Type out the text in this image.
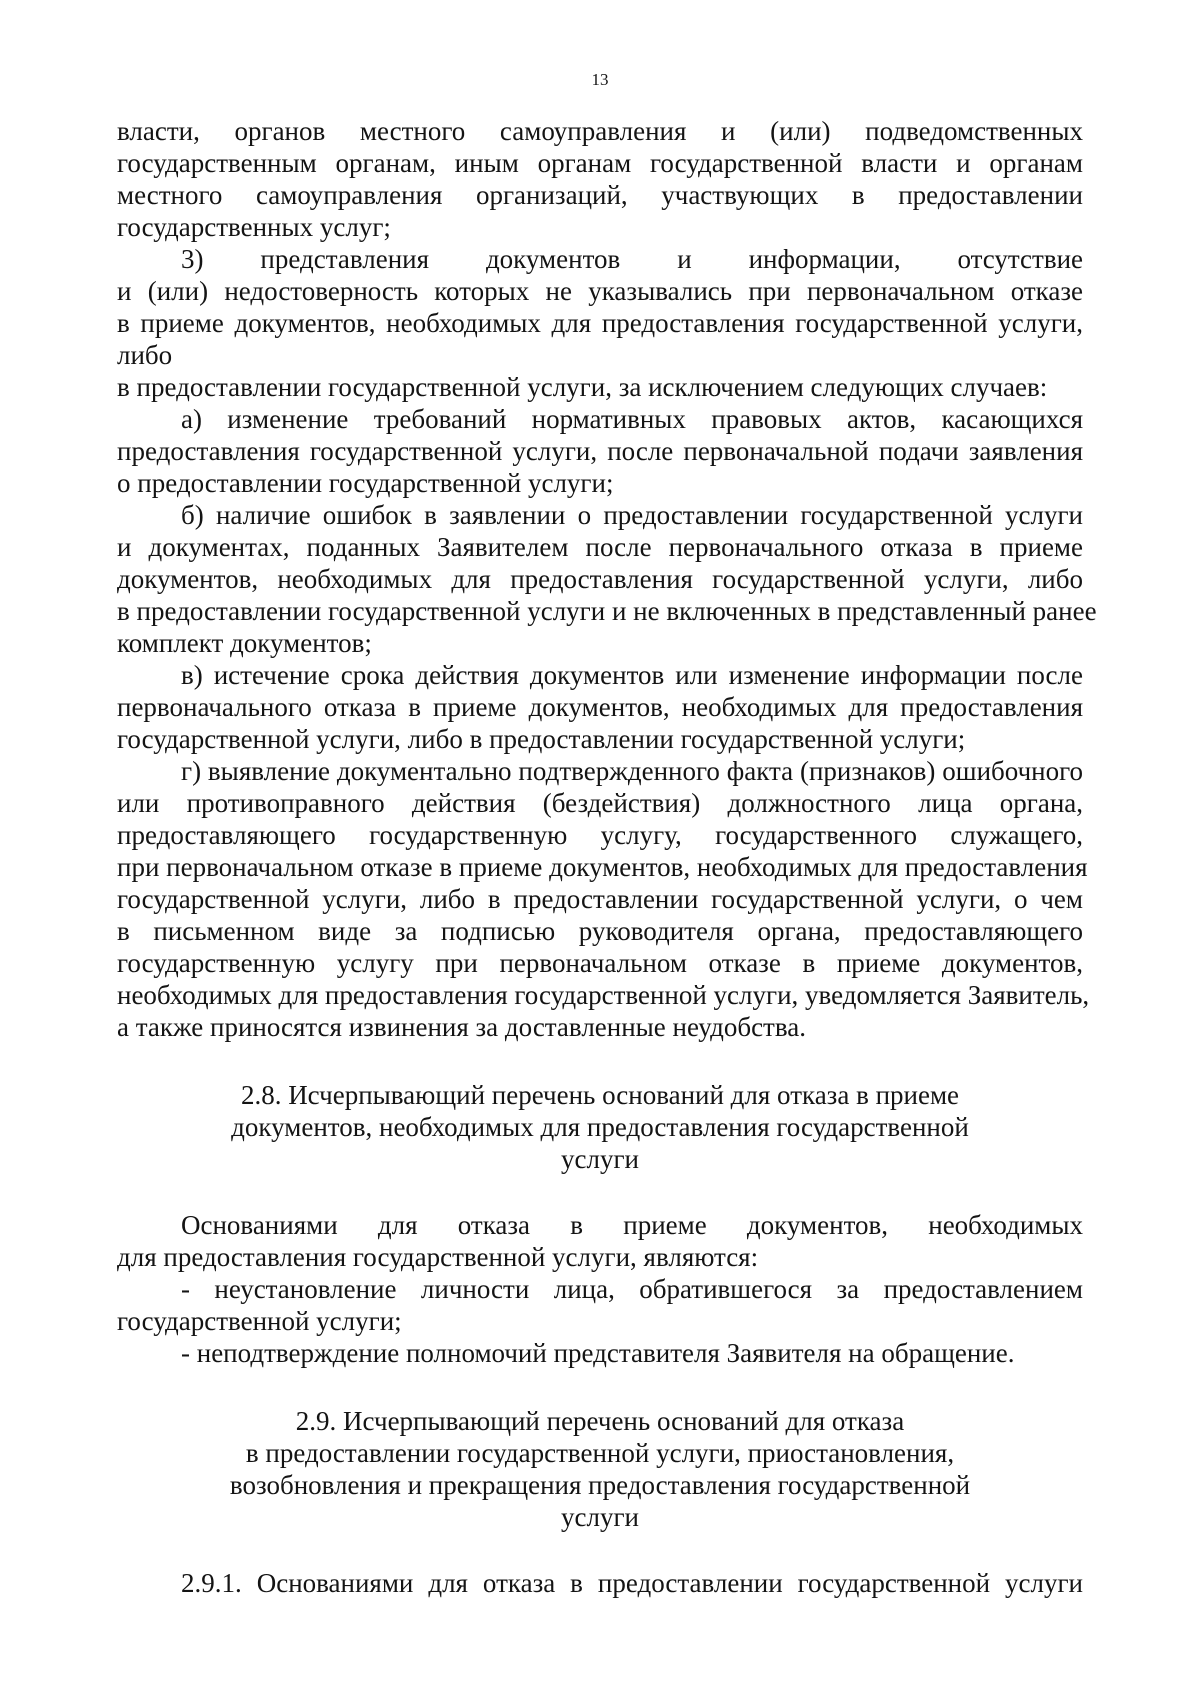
13
власти, органов местного самоуправления и (или) подведомственных
государственным органам, иным органам государственной власти и органам
местного самоуправления организаций, участвующих в предоставлении
государственных услуг;
3) представления документов и информации, отсутствие
и (или) недостоверность которых не указывались при первоначальном отказе
в приеме документов, необходимых для предоставления государственной услуги,
либо
в предоставлении государственной услуги, за исключением следующих случаев:
а) изменение требований нормативных правовых актов, касающихся
предоставления государственной услуги, после первоначальной подачи заявления
о предоставлении государственной услуги;
б) наличие ошибок в заявлении о предоставлении государственной услуги
и документах, поданных Заявителем после первоначального отказа в приеме
документов, необходимых для предоставления государственной услуги, либо
в предоставлении государственной услуги и не включенных в представленный ранее
комплект документов;
в) истечение срока действия документов или изменение информации после
первоначального отказа в приеме документов, необходимых для предоставления
государственной услуги, либо в предоставлении государственной услуги;
г) выявление документально подтвержденного факта (признаков) ошибочного
или противоправного действия (бездействия) должностного лица органа,
предоставляющего государственную услугу, государственного служащего,
при первоначальном отказе в приеме документов, необходимых для предоставления
государственной услуги, либо в предоставлении государственной услуги, о чем
в письменном виде за подписью руководителя органа, предоставляющего
государственную услугу при первоначальном отказе в приеме документов,
необходимых для предоставления государственной услуги, уведомляется Заявитель,
а также приносятся извинения за доставленные неудобства.
2.8. Исчерпывающий перечень оснований для отказа в приеме
документов, необходимых для предоставления государственной
услуги
Основаниями для отказа в приеме документов, необходимых
для предоставления государственной услуги, являются:
- неустановление личности лица, обратившегося за предоставлением
государственной услуги;
- неподтверждение полномочий представителя Заявителя на обращение.
2.9. Исчерпывающий перечень оснований для отказа
в предоставлении государственной услуги, приостановления,
возобновления и прекращения предоставления государственной
услуги
2.9.1. Основаниями для отказа в предоставлении государственной услуги
